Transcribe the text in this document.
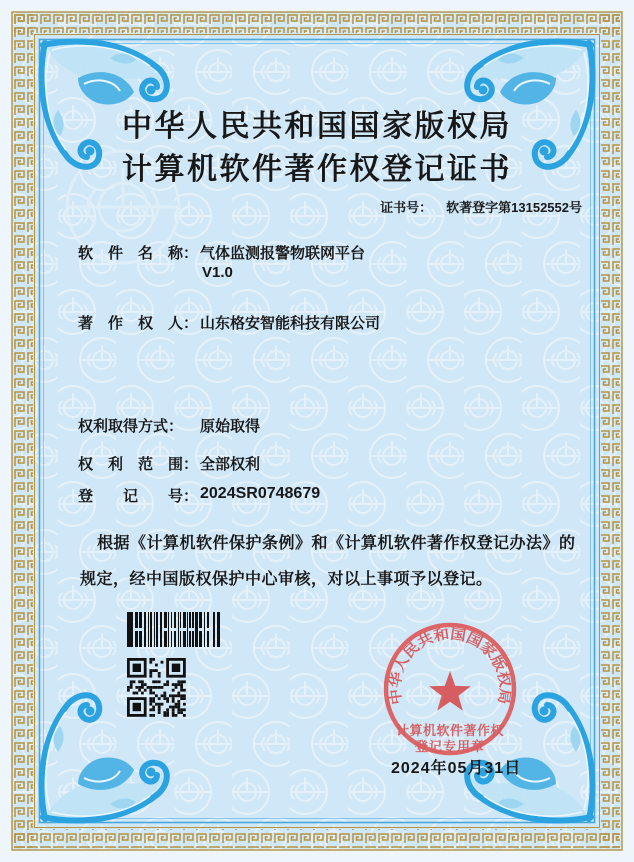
中华人民共和国国家版权局
计算机软件著作权
登记专用章
中华人民共和国国家版权局
计算机软件著作权登记证书
证书号： 软著登字第13152552号
软　件　名　称： 气体监测报警物联网平台
V1.0
著　作　权　人： 山东格安智能科技有限公司
权利取得方式： 原始取得
权　利　范　围： 全部权利
登　　记　　号： 2024SR0748679
根据《计算机软件保护条例》和《计算机软件著作权登记办法》的
规定，经中国版权保护中心审核，对以上事项予以登记。
2024年05月31日
